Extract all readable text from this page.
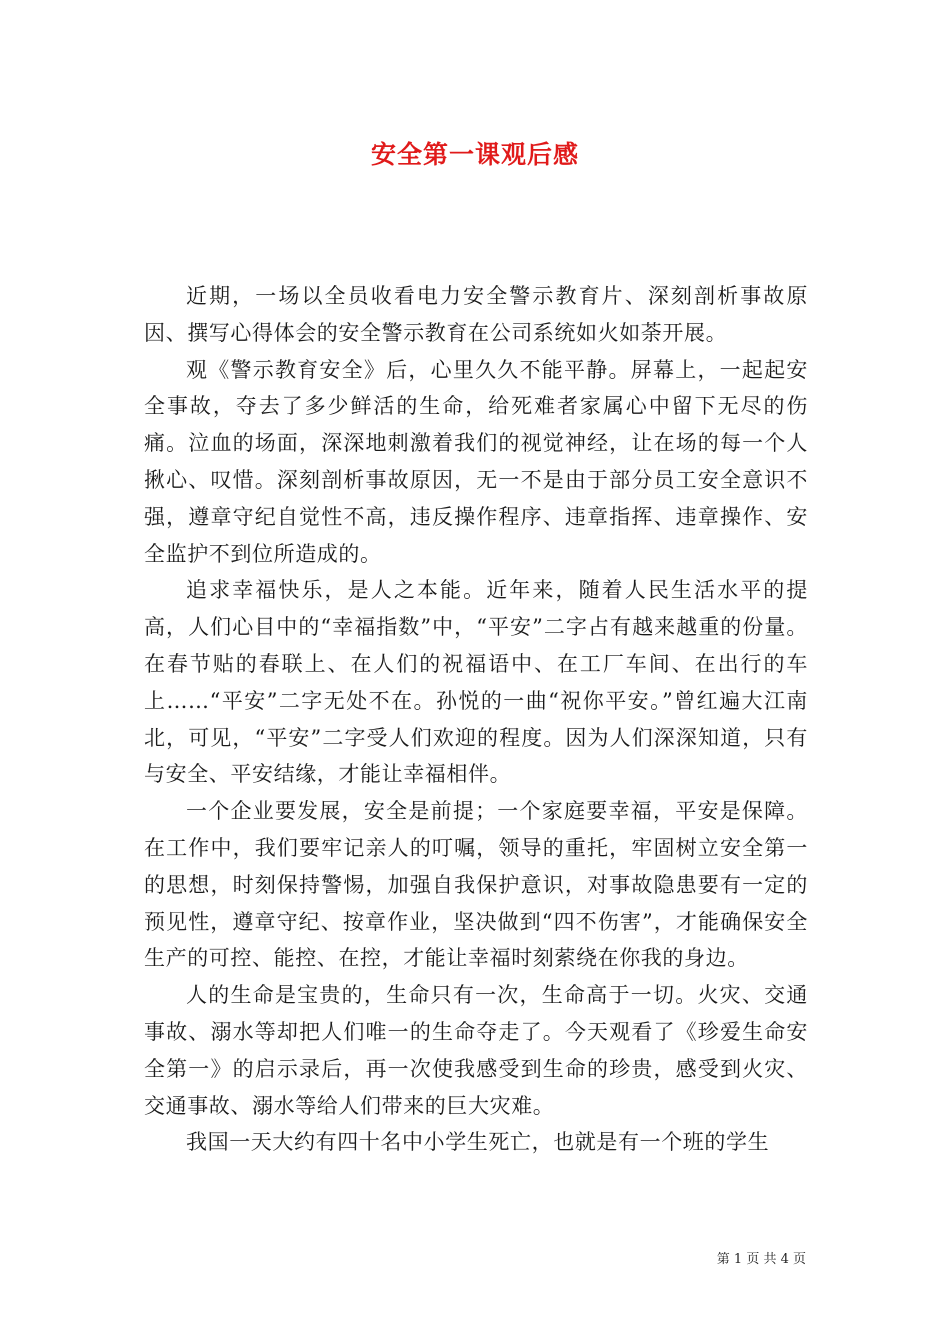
安全第一课观后感

近期，一场以全员收看电力安全警示教育片、深刻剖析事故原因、撰写心得体会的安全警示教育在公司系统如火如荼开展。

观《警示教育安全》后，心里久久不能平静。屏幕上，一起起安全事故，夺去了多少鲜活的生命，给死难者家属心中留下无尽的伤痛。泣血的场面，深深地刺激着我们的视觉神经，让在场的每一个人揪心、叹惜。深刻剖析事故原因，无一不是由于部分员工安全意识不强，遵章守纪自觉性不高，违反操作程序、违章指挥、违章操作、安全监护不到位所造成的。

追求幸福快乐，是人之本能。近年来，随着人民生活水平的提高，人们心目中的“幸福指数”中，“平安”二字占有越来越重的份量。在春节贴的春联上、在人们的祝福语中、在工厂车间、在出行的车上……“平安”二字无处不在。孙悦的一曲“祝你平安。”曾红遍大江南北，可见，“平安”二字受人们欢迎的程度。因为人们深深知道，只有与安全、平安结缘，才能让幸福相伴。

一个企业要发展，安全是前提；一个家庭要幸福，平安是保障。在工作中，我们要牢记亲人的叮嘱，领导的重托，牢固树立安全第一的思想，时刻保持警惕，加强自我保护意识，对事故隐患要有一定的预见性，遵章守纪、按章作业，坚决做到“四不伤害”，才能确保安全生产的可控、能控、在控，才能让幸福时刻萦绕在你我的身边。

人的生命是宝贵的，生命只有一次，生命高于一切。火灾、交通事故、溺水等却把人们唯一的生命夺走了。今天观看了《珍爱生命安全第一》的启示录后，再一次使我感受到生命的珍贵，感受到火灾、交通事故、溺水等给人们带来的巨大灾难。

我国一天大约有四十名中小学生死亡，也就是有一个班的学生

第 1 页 共 4 页
